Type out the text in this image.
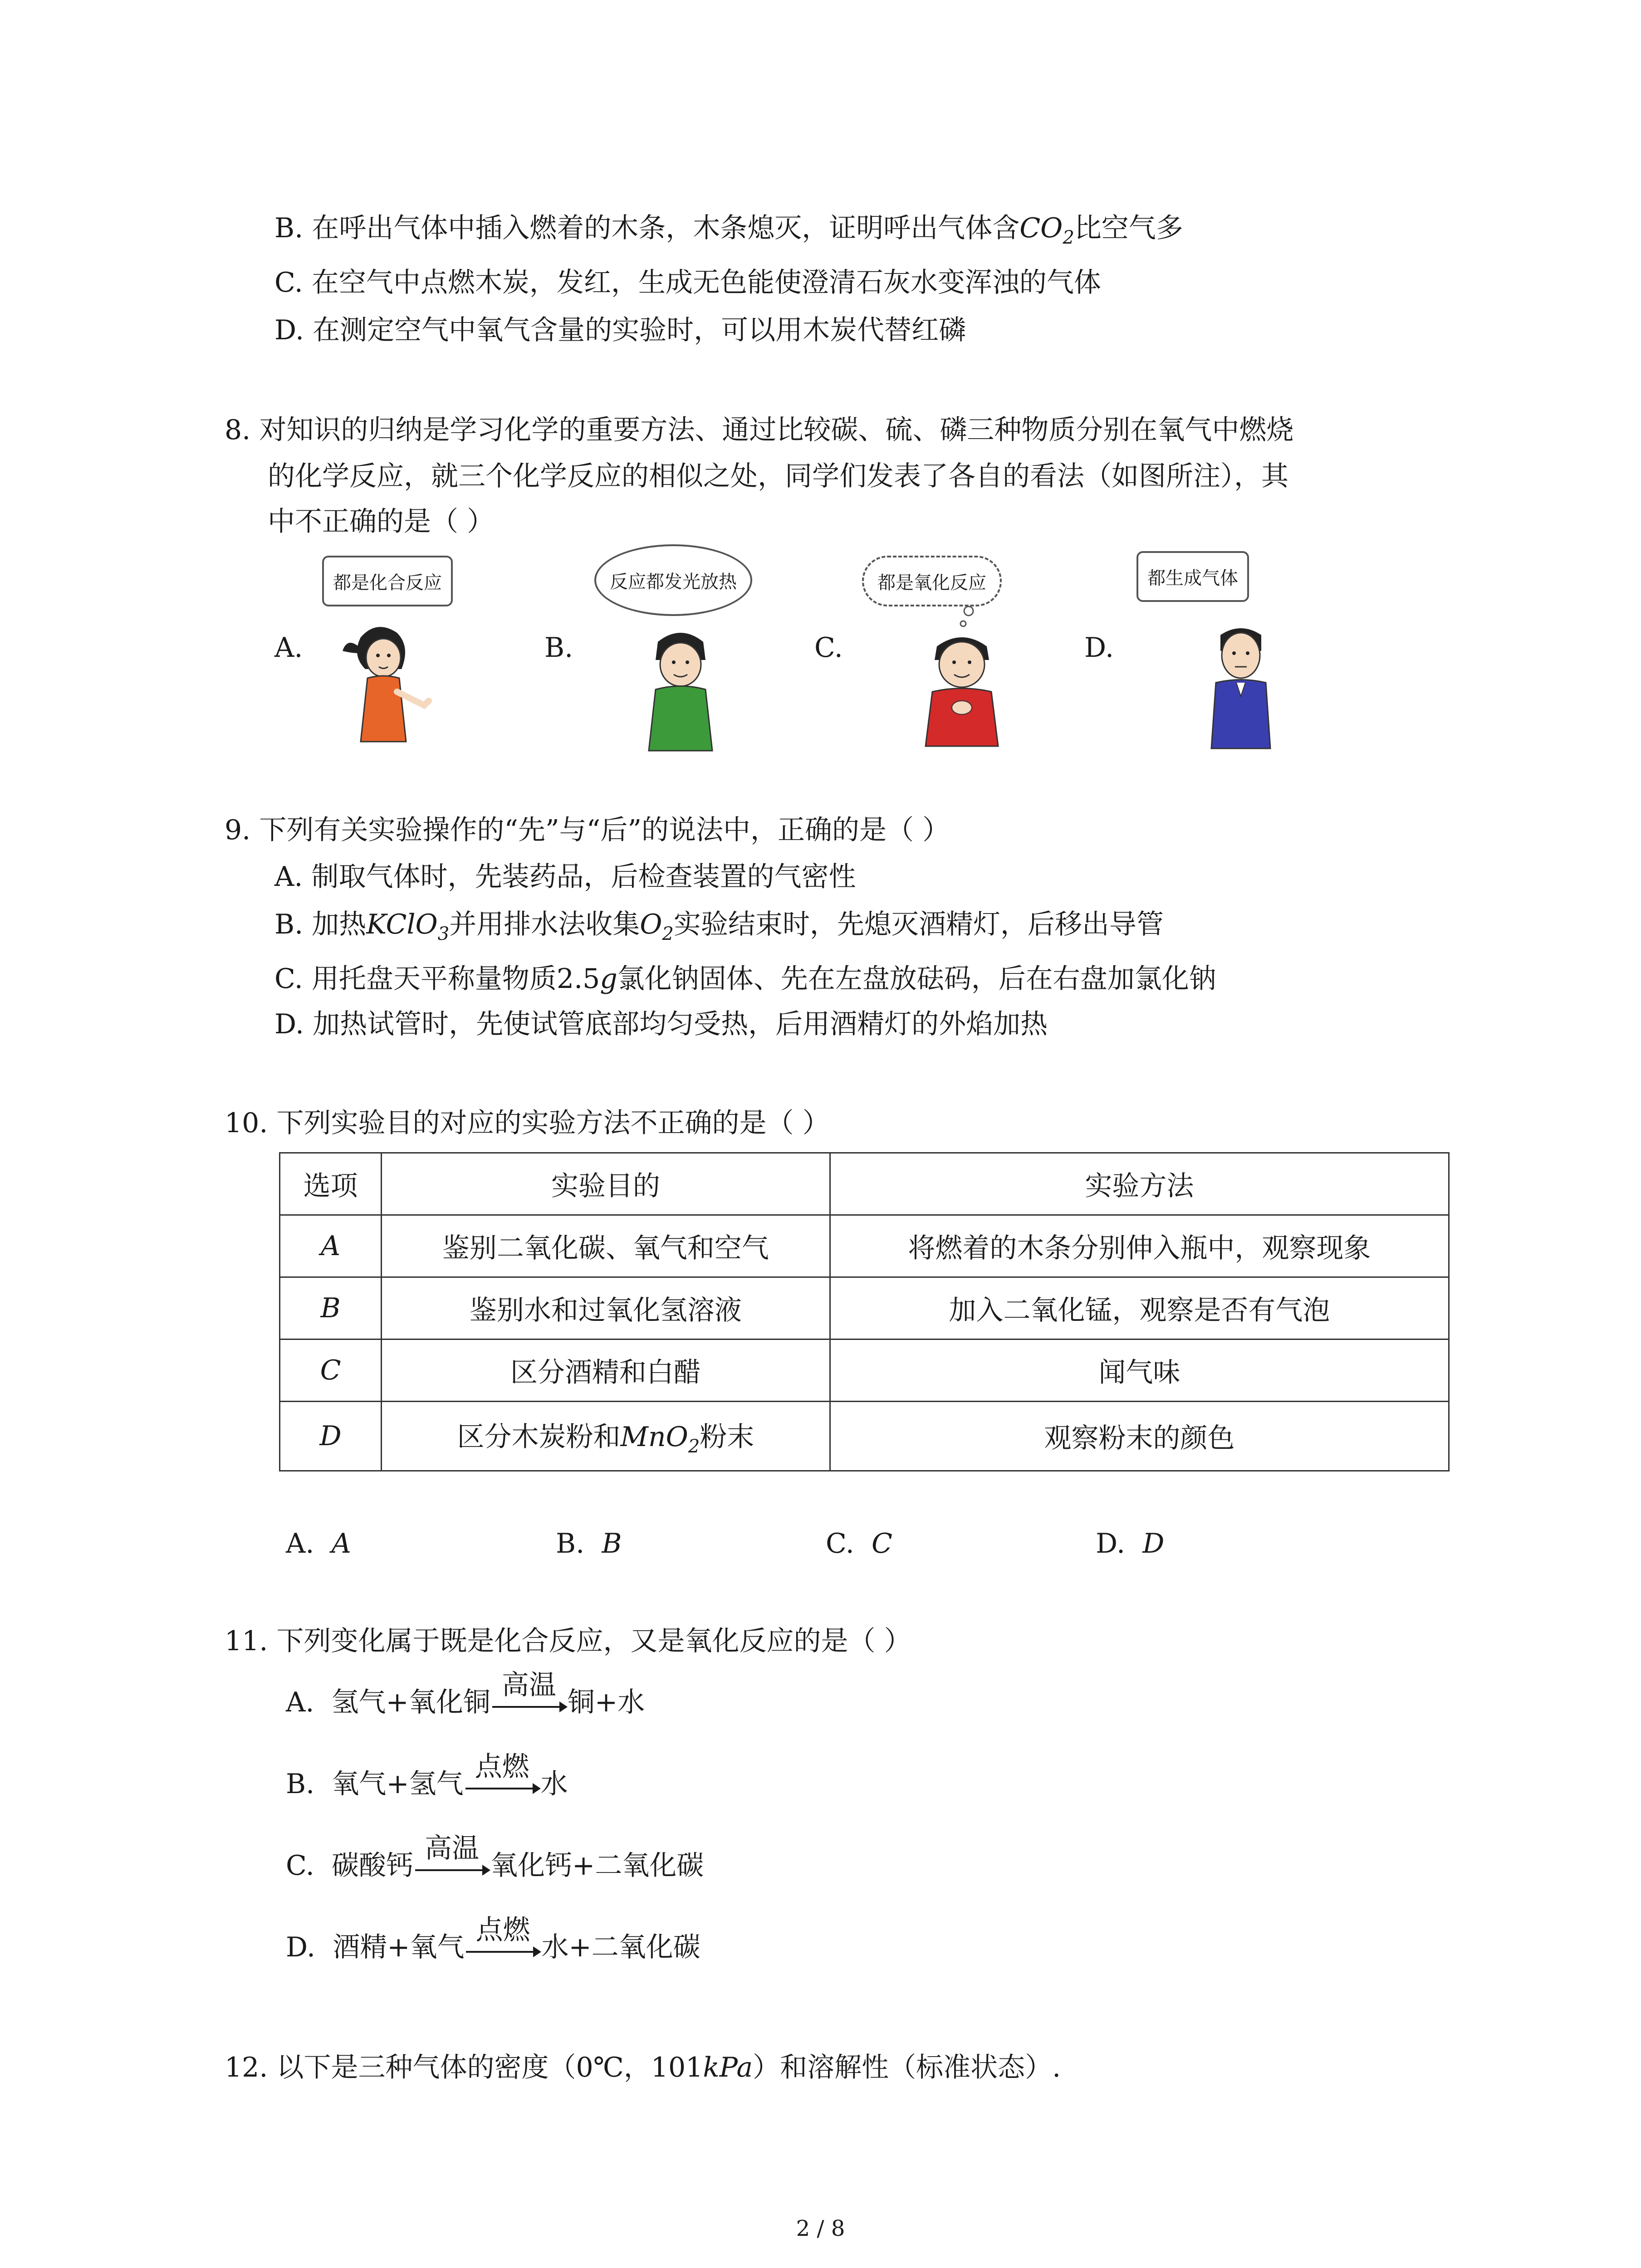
B. 在呼出气体中插入燃着的木条，木条熄灭，证明呼出气体含$CO_2$比空气多
C. 在空气中点燃木炭，发红，生成无色能使澄清石灰水变浑浊的气体
D. 在测定空气中氧气含量的实验时，可以用木炭代替红磷
8. 对知识的归纳是学习化学的重要方法、通过比较碳、硫、磷三种物质分别在氧气中燃烧
的化学反应，就三个化学反应的相似之处，同学们发表了各自的看法（如图所注），其
中不正确的是（ ）
A.
都是化合反应
B.
反应都发光放热
C.
都是氧化反应
D.
都生成气体
9. 下列有关实验操作的“先”与“后”的说法中，正确的是（ ）
A. 制取气体时，先装药品，后检查装置的气密性
B. 加热KClO$_3$并用排水法收集$O_2$实验结束时，先熄灭酒精灯，后移出导管
C. 用托盘天平称量物质2.5g氯化钠固体、先在左盘放砝码，后在右盘加氯化钠
D. 加热试管时，先使试管底部均匀受热，后用酒精灯的外焰加热
10. 下列实验目的对应的实验方法不正确的是（ ）
选项	实验目的	实验方法
A	鉴别二氧化碳、氧气和空气	将燃着的木条分别伸入瓶中，观察现象
B	鉴别水和过氧化氢溶液	加入二氧化锰，观察是否有气泡
C	区分酒精和白醋	闻气味
D	区分木炭粉和MnO$_2$粉末	观察粉末的颜色
A. A	B. B	C. C	D. D
11. 下列变化属于既是化合反应，又是氧化反应的是（ ）
A. 氢气+氧化铜
高温
铜+水
B. 氧气+氢气
点燃
水
C. 碳酸钙
高温
氧化钙+二氧化碳
D. 酒精+氧气
点燃
水+二氧化碳
12. 以下是三种气体的密度（0℃，101kPa）和溶解性（标准状态）.
2 / 8
